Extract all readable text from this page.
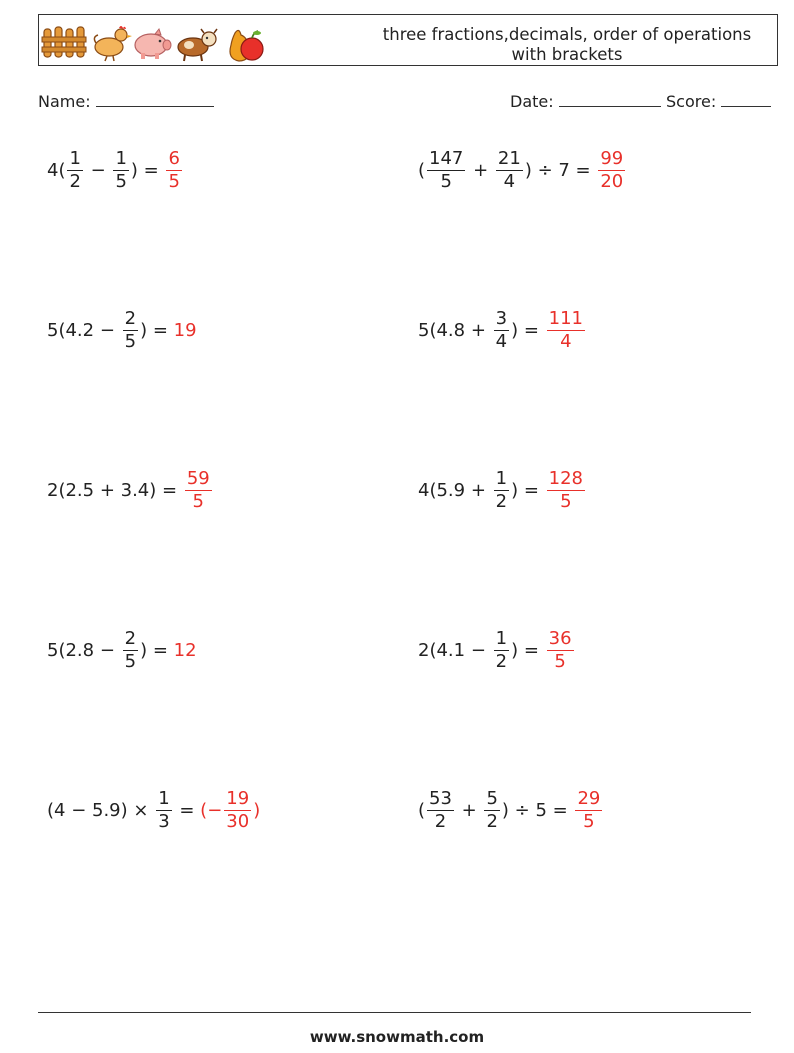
three fractions,decimals, order of operations
with brackets
Name:	Date:	Score:
$4( \frac{1}{2} - \frac{1}{5}$ ) = $\frac{6}{5}$	( $\frac{147}{5} + \frac{21}{4}$ ) ÷ $7 = \frac{99}{20}$
$5(4.2 - \frac{2}{5}$ ) = 19	$5(4.8 + \frac{3}{4}$ ) = $\frac{111}{4}$
$2(2.5 + 3.4) = \frac{59}{5}$	$4(5.9 + \frac{1}{2}$ ) = $\frac{128}{5}$
$5(2.8 - \frac{2}{5}$ ) = 12	$2(4.1 - \frac{1}{2}$ ) = $\frac{36}{5}$
$(4 - 5.9) \times \frac{1}{3}$ = (− $\frac{19}{30}$ )	( $\frac{53}{2} + \frac{5}{2}$ ) ÷ $5 = \frac{29}{5}$
www.snowmath.com
